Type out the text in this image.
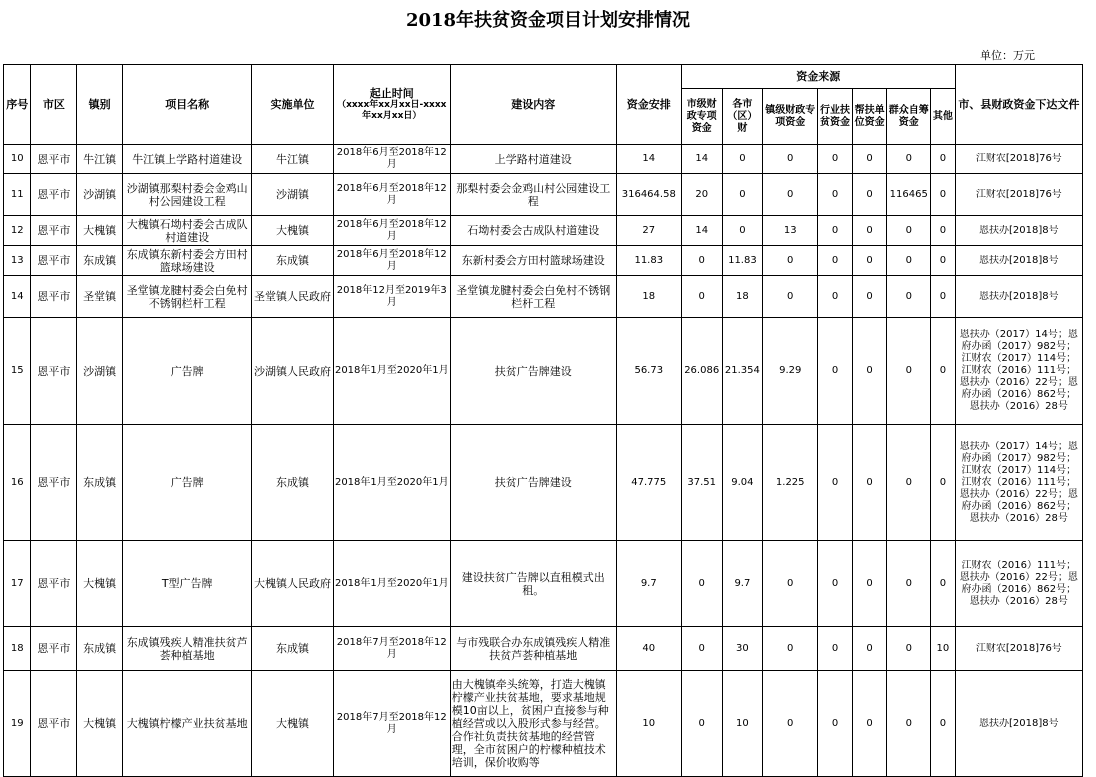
2018年扶贫资金项目计划安排情况
单位：万元
序号	市区	镇别	项目名称	实施单位	起止时间
（xxxx年xx月xx日-xxxx年xx月xx日）	建设内容	资金安排	资金来源							市、县财政资金下达文件
								市级财政专项资金	各市（区）财	镇级财政专项资金	行业扶贫资金	帮扶单位资金	群众自筹资金	其他	
10	恩平市	牛江镇	牛江镇上学路村道建设	牛江镇	2018年6月至2018年12月	上学路村道建设	14	14	0	0	0	0	0	0	江财农[2018]76号

11	恩平市	沙湖镇	沙湖镇那梨村委会金鸡山村公园建设工程	沙湖镇	2018年6月至2018年12月	那梨村委会金鸡山村公园建设工程	316464.58	20	0	0	0	0	116465	0	江财农[2018]76号

12	恩平市	大槐镇	大槐镇石坳村委会古成队村道建设	大槐镇	2018年6月至2018年12月	石坳村委会古成队村道建设	27	14	0	13	0	0	0	0	恩扶办[2018]8号

13	恩平市	东成镇	东成镇东新村委会方田村篮球场建设	东成镇	2018年6月至2018年12月	东新村委会方田村篮球场建设	11.83	0	11.83	0	0	0	0	0	恩扶办[2018]8号

14	恩平市	圣堂镇	圣堂镇龙腱村委会白免村不锈钢栏杆工程	圣堂镇人民政府	2018年12月至2019年3月	圣堂镇龙腱村委会白免村不锈钢栏杆工程	18	0	18	0	0	0	0	0	恩扶办[2018]8号

15	恩平市	沙湖镇	广告牌	沙湖镇人民政府	2018年1月至2020年1月	扶贫广告牌建设	56.73	26.086	21.354	9.29	0	0	0	0	恩扶办（2017）14号；恩府办函（2017）982号；江财农（2017）114号；江财农（2016）111号；恩扶办（2016）22号；恩府办函（2016）862号；恩扶办（2016）28号

16	恩平市	东成镇	广告牌	东成镇	2018年1月至2020年1月	扶贫广告牌建设	47.775	37.51	9.04	1.225	0	0	0	0	恩扶办（2017）14号；恩府办函（2017）982号；江财农（2017）114号；江财农（2016）111号；恩扶办（2016）22号；恩府办函（2016）862号；恩扶办（2016）28号

17	恩平市	大槐镇	T型广告牌	大槐镇人民政府	2018年1月至2020年1月	建设扶贫广告牌以直租模式出租。	9.7	0	9.7	0	0	0	0	0	江财农（2016）111号；恩扶办（2016）22号；恩府办函（2016）862号；恩扶办（2016）28号

18	恩平市	东成镇	东成镇残疾人精准扶贫芦荟种植基地	东成镇	2018年7月至2018年12月	与市残联合办东成镇残疾人精准扶贫芦荟种植基地	40	0	30	0	0	0	0	10	江财农[2018]76号

19	恩平市	大槐镇	大槐镇柠檬产业扶贫基地	大槐镇	2018年7月至2018年12月	由大槐镇牵头统筹，打造大槐镇柠檬产业扶贫基地，要求基地规模10亩以上，贫困户直接参与种植经营或以入股形式参与经营。合作社负责扶贫基地的经营管理，全市贫困户的柠檬种植技术培训，保价收购等	10	0	10	0	0	0	0	0	恩扶办[2018]8号
